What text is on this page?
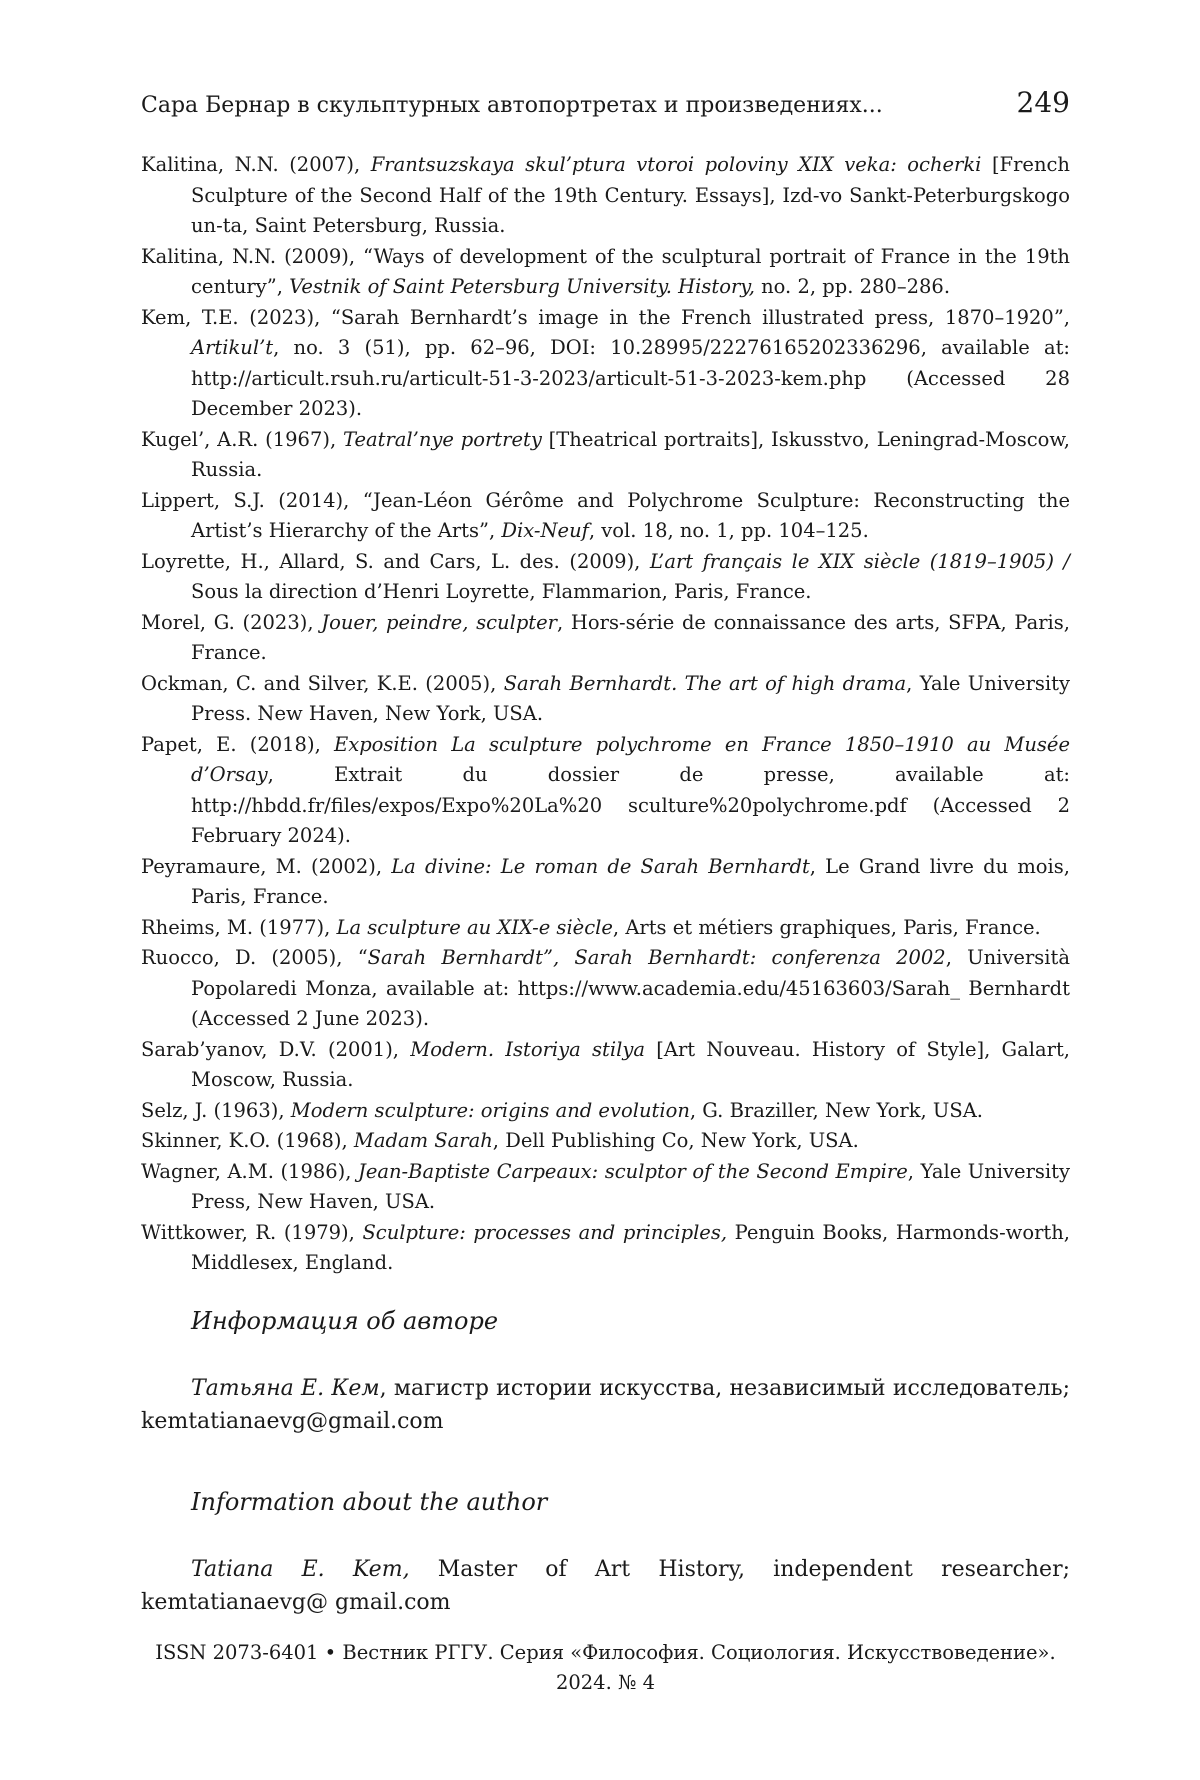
Сара Бернар в скульптурных автопортретах и произведениях...	249

Kalitina, N.N. (2007), Frantsuzskaya skul’ptura vtoroi poloviny XIX veka: ocherki [French Sculpture of the Second Half of the 19th Century. Essays], Izd-vo Sankt-Peterburgskogo un-ta, Saint Petersburg, Russia.

Kalitina, N.N. (2009), “Ways of development of the sculptural portrait of France in the 19th century”, Vestnik of Saint Petersburg University. History, no. 2, pp. 280–286.

Kem, T.E. (2023), “Sarah Bernhardt’s image in the French illustrated press, 1870–1920”, Artikul’t, no. 3 (51), pp. 62–96, DOI: 10.28995/22276165202336296, available at: http://articult.rsuh.ru/articult-51-3-2023/articult-51-3-2023-kem.php (Accessed 28 December 2023).

Kugel’, A.R. (1967), Teatral’nye portrety [Theatrical portraits], Iskusstvo, Leningrad-Moscow, Russia.

Lippert, S.J. (2014), “Jean-Léon Gérôme and Polychrome Sculpture: Reconstructing the Artist’s Hierarchy of the Arts”, Dix-Neuf, vol. 18, no. 1, pp. 104–125.

Loyrette, H., Allard, S. and Cars, L. des. (2009), L’art français le XIX siècle (1819–1905) / Sous la direction d’Henri Loyrette, Flammarion, Paris, France.

Morel, G. (2023), Jouer, peindre, sculpter, Hors-série de connaissance des arts, SFPA, Paris, France.

Ockman, C. and Silver, K.E. (2005), Sarah Bernhardt. The art of high drama, Yale University Press. New Haven, New York, USA.

Papet, E. (2018), Exposition La sculpture polychrome en France 1850–1910 au Musée d’Orsay, Extrait du dossier de presse, available at: http://hbdd.fr/files/expos/Expo%20La%20 sculture%20polychrome.pdf (Accessed 2 February 2024).

Peyramaure, M. (2002), La divine: Le roman de Sarah Bernhardt, Le Grand livre du mois, Paris, France.

Rheims, M. (1977), La sculpture au XIX-e siècle, Arts et métiers graphiques, Paris, France.

Ruocco, D. (2005), “Sarah Bernhardt”, Sarah Bernhardt: conferenza 2002, Università Popolaredi Monza, available at: https://www.academia.edu/45163603/Sarah_ Bernhardt (Accessed 2 June 2023).

Sarab’yanov, D.V. (2001), Modern. Istoriya stilya [Art Nouveau. History of Style], Galart, Moscow, Russia.

Selz, J. (1963), Modern sculpture: origins and evolution, G. Braziller, New York, USA.

Skinner, K.O. (1968), Madam Sarah, Dell Publishing Co, New York, USA.

Wagner, A.M. (1986), Jean-Baptiste Carpeaux: sculptor of the Second Empire, Yale University Press, New Haven, USA.

Wittkower, R. (1979), Sculpture: processes and principles, Penguin Books, Harmonds-worth, Middlesex, England.

Информация об авторе

Татьяна Е. Кем, магистр истории искусства, независимый исследователь; kemtatianaevg@gmail.com

Information about the author

Tatiana E. Kem, Master of Art History, independent researcher; kemtatianaevg@ gmail.com

ISSN 2073-6401 • Вестник РГГУ. Серия «Философия. Социология. Искусствоведение».
2024. № 4
